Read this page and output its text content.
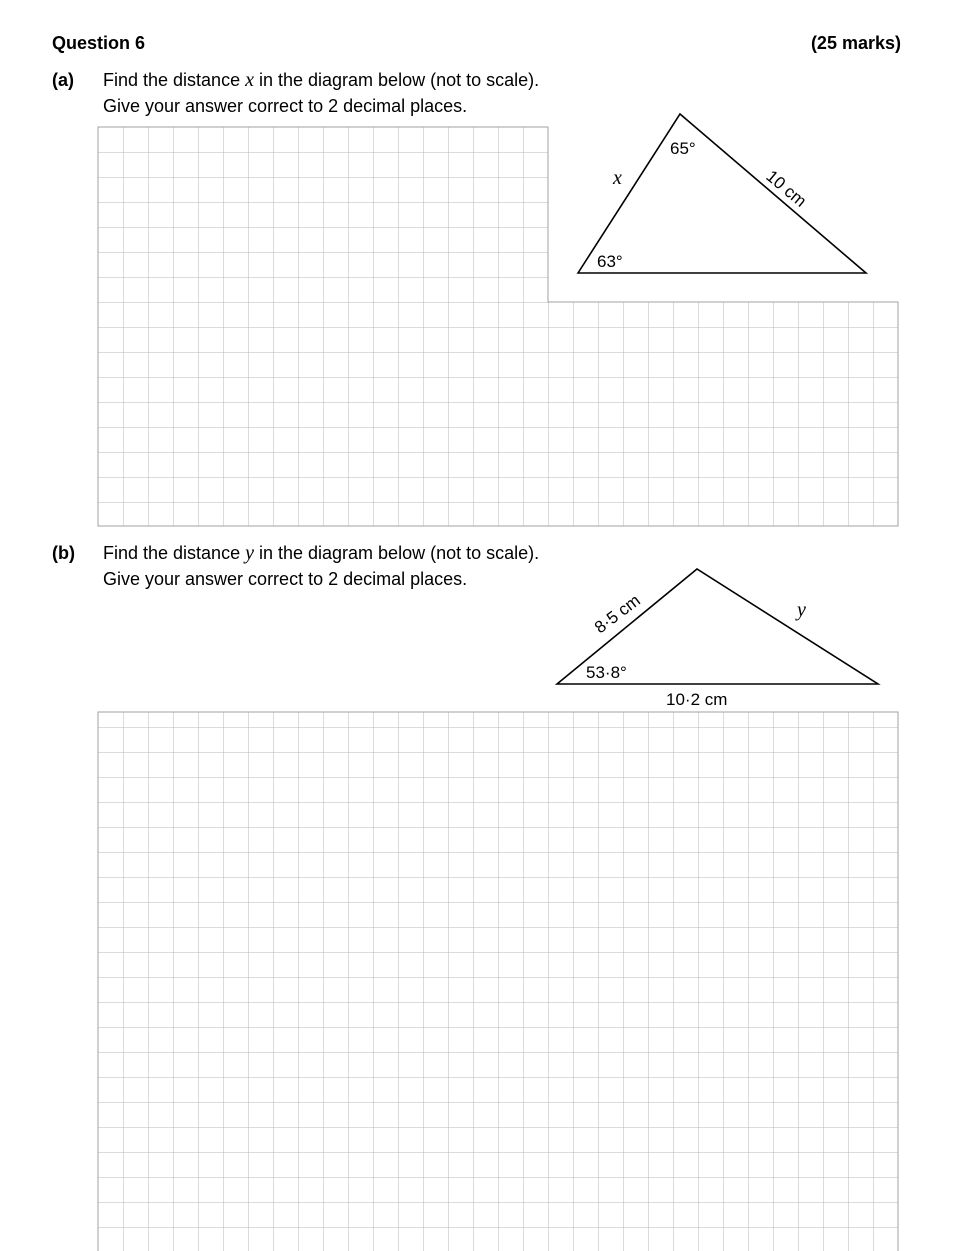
Question 6	(25 marks)
(a) Find the distance x in the diagram below (not to scale).
Give your answer correct to 2 decimal places.
(b) Find the distance y in the diagram below (not to scale).
Give your answer correct to 2 decimal places.
65°
63°
x	10 cm
8·5 cm
53·8°
10·2 cm
y
